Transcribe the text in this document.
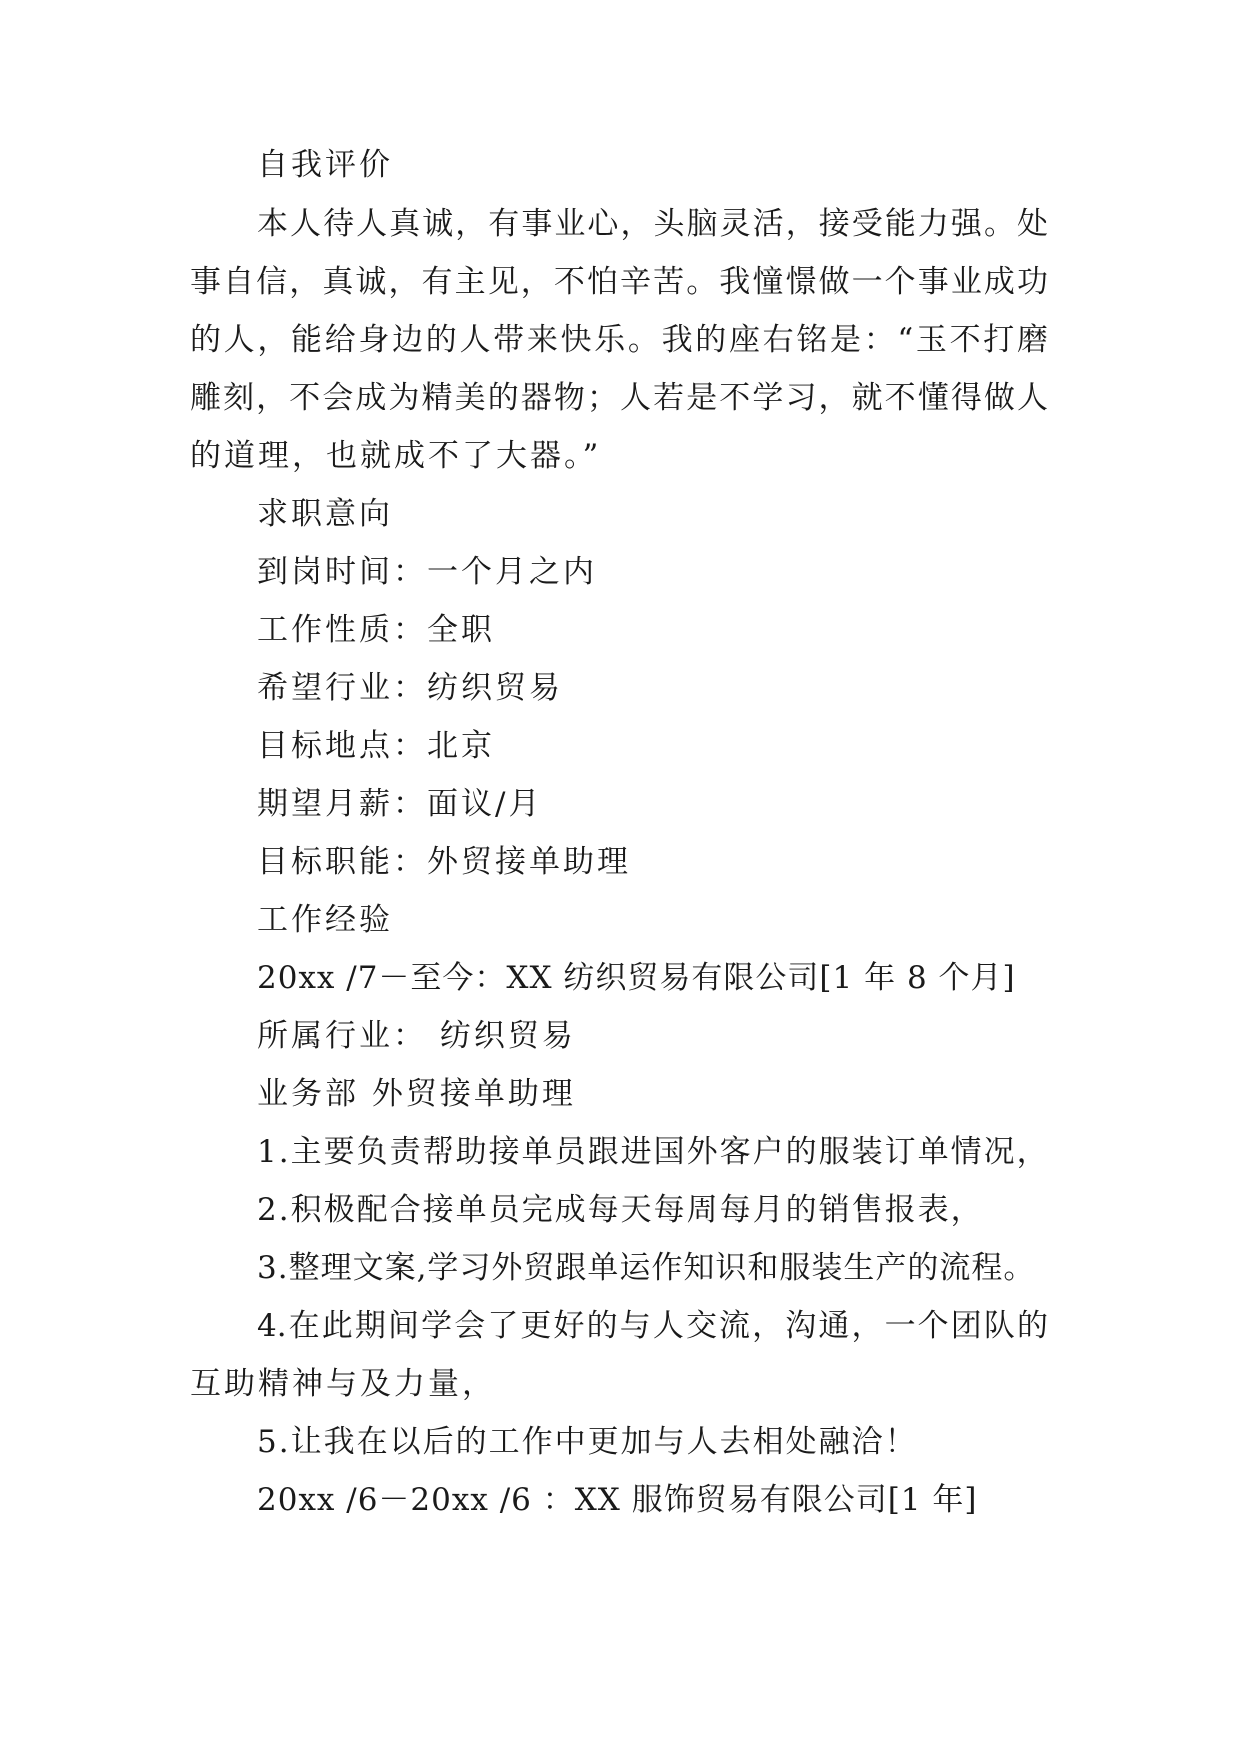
自我评价
本人待人真诚，有事业心，头脑灵活，接受能力强。处
事自信，真诚，有主见，不怕辛苦。我憧憬做一个事业成功
的人，能给身边的人带来快乐。我的座右铭是：“玉不打磨
雕刻，不会成为精美的器物；人若是不学习，就不懂得做人
的道理，也就成不了大器。”
求职意向
到岗时间：一个月之内
工作性质：全职
希望行业：纺织贸易
目标地点：北京
期望月薪：面议/月
目标职能：外贸接单助理
工作经验
20xx /7－至今：XX 纺织贸易有限公司[1 年 8 个月]
所属行业： 纺织贸易
业务部 外贸接单助理
1.主要负责帮助接单员跟进国外客户的服装订单情况，
2.积极配合接单员完成每天每周每月的销售报表，
3.整理文案,学习外贸跟单运作知识和服装生产的流程。
4.在此期间学会了更好的与人交流，沟通，一个团队的
互助精神与及力量，
5.让我在以后的工作中更加与人去相处融洽！
20xx /6－20xx /6 ：XX 服饰贸易有限公司[1 年]
